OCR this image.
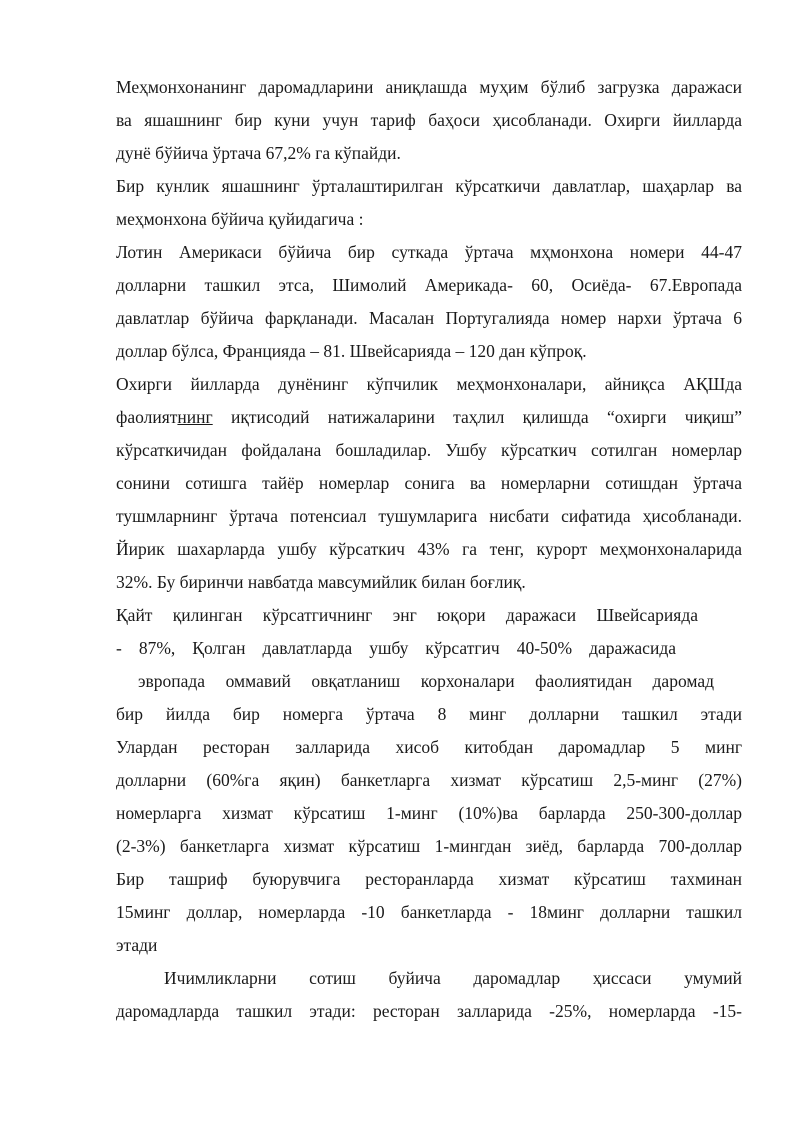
Меҳмонхонанинг даромадларини аниқлашда муҳим бўлиб загрузка даражаси
ва яшашнинг бир куни учун тариф баҳоси ҳисобланади. Охирги йилларда
дунё бўйича ўртача 67,2% га кўпайди.
Бир кунлик яшашнинг ўрталаштирилган кўрсаткичи давлатлар, шаҳарлар ва
меҳмонхона бўйича қуйидагича :
Лотин Америкаси бўйича бир суткада ўртача мҳмонхона номери 44-47
долларни ташкил этса, Шимолий Америкада- 60, Осиёда- 67.Европада
давлатлар бўйича фарқланади. Масалан Португалияда номер нархи ўртача 6
доллар бўлса, Францияда – 81. Швейсарияда – 120 дан кўпроқ.
Охирги йилларда дунёнинг кўпчилик меҳмонхоналари, айниқса АҚШда
фаолиятнинг иқтисодий натижаларини таҳлил қилишда “охирги чиқиш”
кўрсаткичидан фойдалана бошладилар. Ушбу кўрсаткич сотилган номерлар
сонини сотишга тайёр номерлар сонига ва номерларни сотишдан ўртача
тушмларнинг ўртача потенсиал тушумларига нисбати сифатида ҳисобланади.
Йирик шахарларда ушбу кўрсаткич 43% га тенг, курорт меҳмонхоналарида
32%. Бу биринчи навбатда мавсумийлик билан боғлиқ.
Қайт қилинган кўрсатгичнинг энг юқори даражаси Швейсарияда
- 87%, Қолган давлатларда ушбу кўрсатгич 40-50% даражасида
эвропада оммавий овқатланиш корхоналари фаолиятидан даромад
бир йилда бир номерга ўртача 8 минг долларни ташкил этади
Улардан ресторан залларида хисоб китобдан даромадлар 5 минг
долларни (60%га яқин) банкетларга хизмат кўрсатиш 2,5-минг (27%)
номерларга хизмат кўрсатиш 1-минг (10%)ва барларда 250-300-доллар
(2-3%) банкетларга хизмат кўрсатиш 1-мингдан зиёд, барларда 700-доллар
Бир ташриф буюрувчига ресторанларда хизмат кўрсатиш тахминан
15минг доллар, номерларда -10 банкетларда - 18минг долларни ташкил
этади
Ичимликларни сотиш буйича даромадлар ҳиссаси умумий
даромадларда ташкил этади: ресторан залларида -25%, номерларда -15-
